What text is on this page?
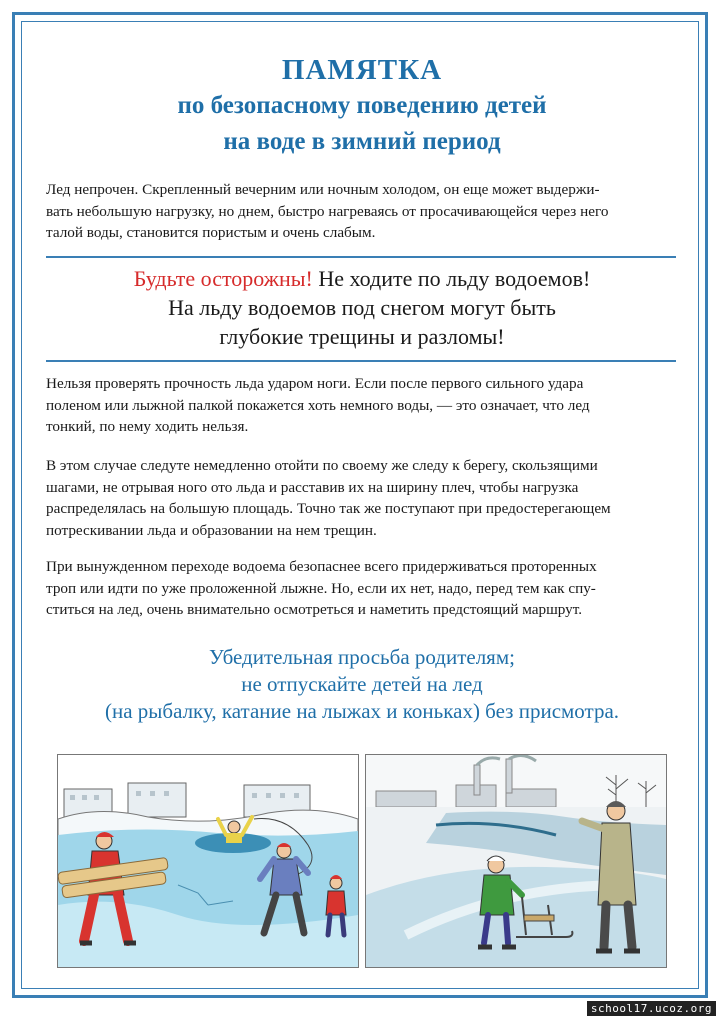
ПАМЯТКА
по безопасному поведению детей
на воде в зимний период
Лед непрочен. Скрепленный вечерним или ночным холодом, он еще может выдержи-
вать небольшую нагрузку, но днем, быстро нагреваясь от просачивающейся через него
талой воды, становится пористым и очень слабым.
Будьте осторожны! Не ходите по льду водоемов!
На льду водоемов под снегом могут быть
глубокие трещины и разломы!
Нельзя проверять прочность льда ударом ноги. Если после первого сильного удара
поленом или лыжной палкой покажется хоть немного воды, — это означает, что лед
тонкий, по нему ходить нельзя.
В этом случае следуте немедленно отойти по своему же следу к берегу, скользящими
шагами, не отрывая ного ото льда и расставив их на ширину плеч, чтобы нагрузка
распределялась на большую площадь. Точно так же поступают при предостерегающем
потрескивании льда и образовании на нем трещин.
При вынужденном переходе водоема безопаснее всего придерживаться протоpенных
троп или идти по уже проложенной лыжне. Но, если их нет, надо, перед тем как спу-
ститься на лед, очень внимательно осмотреться и наметить предстоящий маршрут.
Убедительная просьба родителям;
не отпускайте детей на лед
(на рыбалку, катание на лыжах и коньках) без присмотра.
school17.ucoz.org
